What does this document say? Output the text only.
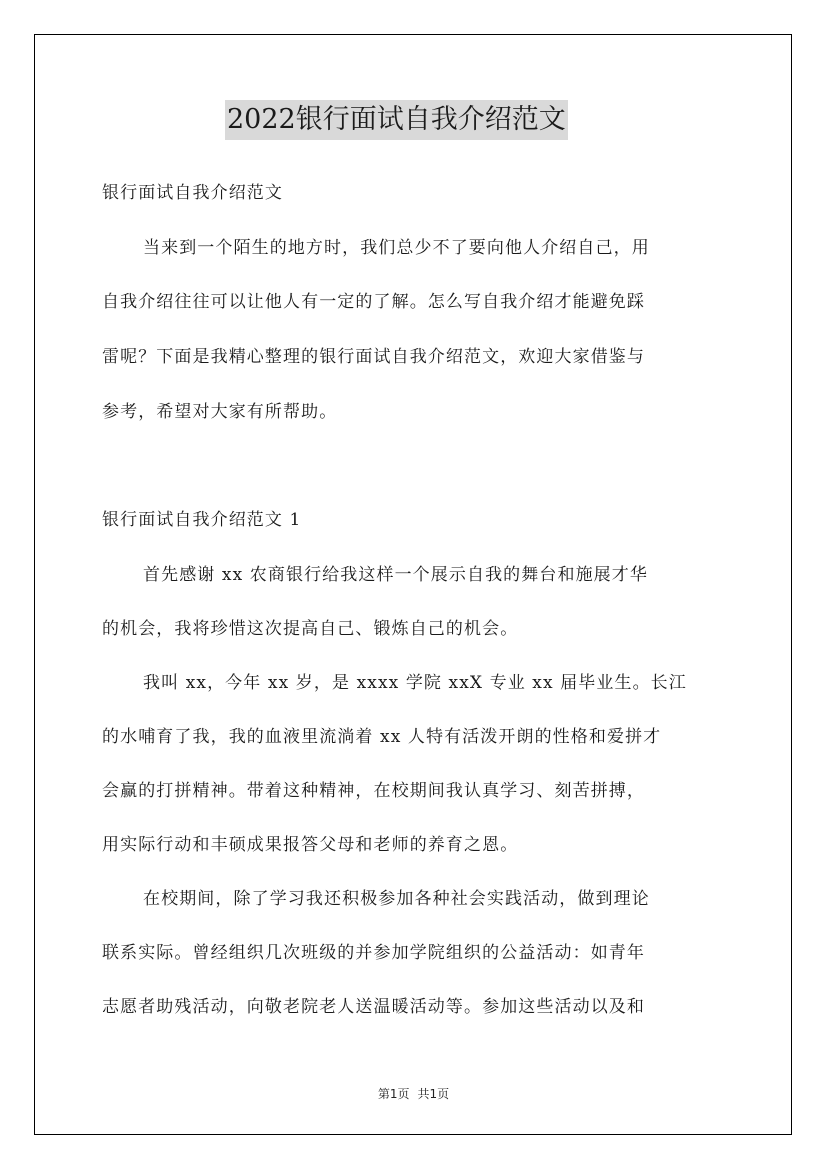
2022银行面试自我介绍范文
银行面试自我介绍范文
当来到一个陌生的地方时，我们总少不了要向他人介绍自己，用
自我介绍往往可以让他人有一定的了解。怎么写自我介绍才能避免踩
雷呢？下面是我精心整理的银行面试自我介绍范文，欢迎大家借鉴与
参考，希望对大家有所帮助。
银行面试自我介绍范文 1
首先感谢 xx 农商银行给我这样一个展示自我的舞台和施展才华
的机会，我将珍惜这次提高自己、锻炼自己的机会。
我叫 xx，今年 xx 岁，是 xxxx 学院 xxX 专业 xx 届毕业生。长江
的水哺育了我，我的血液里流淌着 xx 人特有活泼开朗的性格和爱拼才
会赢的打拼精神。带着这种精神，在校期间我认真学习、刻苦拼搏，
用实际行动和丰硕成果报答父母和老师的养育之恩。
在校期间，除了学习我还积极参加各种社会实践活动，做到理论
联系实际。曾经组织几次班级的并参加学院组织的公益活动：如青年
志愿者助残活动，向敬老院老人送温暖活动等。参加这些活动以及和
第1页 共1页
